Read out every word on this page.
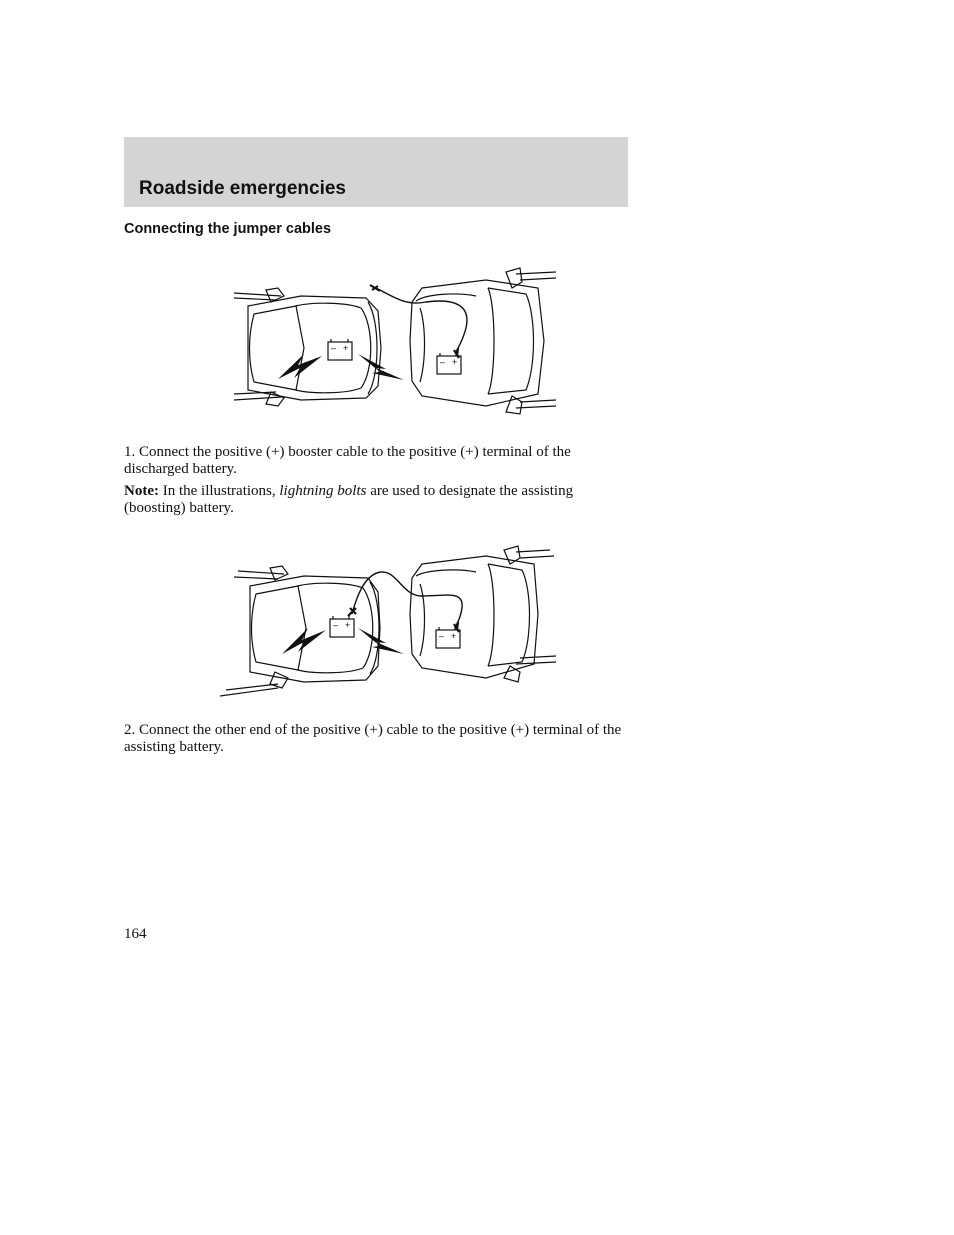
Roadside emergencies
Connecting the jumper cables
– +
– +

1. Connect the positive (+) booster cable to the positive (+) terminal of the discharged battery.

Note: In the illustrations, lightning bolts are used to designate the assisting (boosting) battery.

– +
– +

2. Connect the other end of the positive (+) cable to the positive (+) terminal of the assisting battery.

164
